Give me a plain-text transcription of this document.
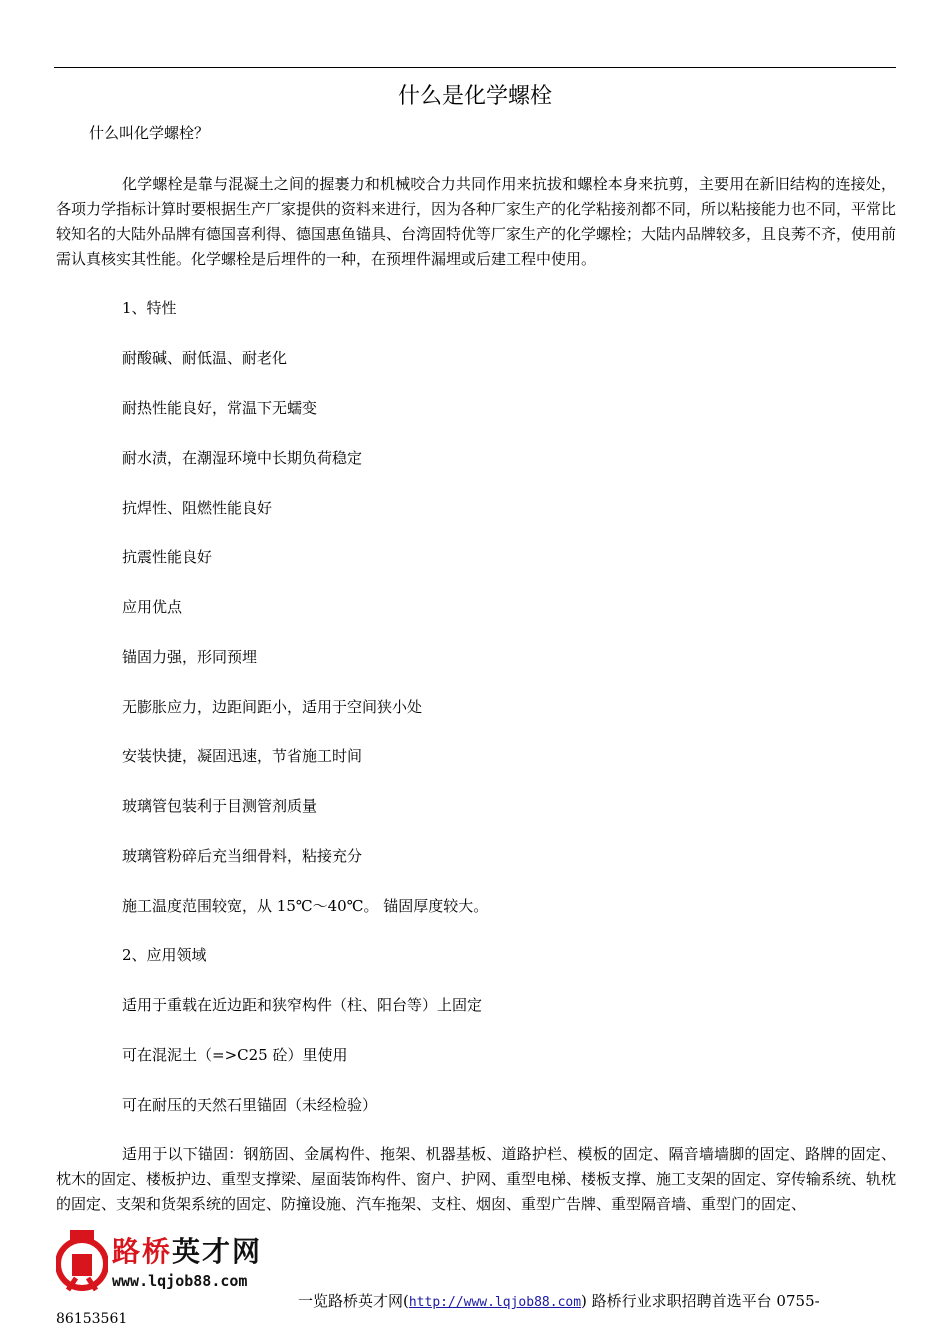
什么是化学螺栓
什么叫化学螺栓？

化学螺栓是靠与混凝土之间的握裹力和机械咬合力共同作用来抗拔和螺栓本身来抗剪，主要用在新旧结构的连接处，各项力学指标计算时要根据生产厂家提供的资料来进行，因为各种厂家生产的化学粘接剂都不同，所以粘接能力也不同，平常比较知名的大陆外品牌有德国喜利得、德国惠鱼锚具、台湾固特优等厂家生产的化学螺栓；大陆内品牌较多，且良莠不齐，使用前需认真核实其性能。化学螺栓是后埋件的一种，在预埋件漏埋或后建工程中使用。

1、特性
耐酸碱、耐低温、耐老化
耐热性能良好，常温下无蠕变
耐水渍，在潮湿环境中长期负荷稳定
抗焊性、阻燃性能良好
抗震性能良好
应用优点
锚固力强，形同预埋
无膨胀应力，边距间距小，适用于空间狭小处
安装快捷，凝固迅速，节省施工时间
玻璃管包装利于目测管剂质量
玻璃管粉碎后充当细骨料，粘接充分
施工温度范围较宽，从 15℃～40℃。 锚固厚度较大。
2、应用领域
适用于重载在近边距和狭窄构件（柱、阳台等）上固定
可在混泥土（=>C25 砼）里使用
可在耐压的天然石里锚固（未经检验）

适用于以下锚固：钢筋固、金属构件、拖架、机器基板、道路护栏、模板的固定、隔音墙墙脚的固定、路牌的固定、枕木的固定、楼板护边、重型支撑梁、屋面装饰构件、窗户、护网、重型电梯、楼板支撑、施工支架的固定、穿传输系统、轨枕的固定、支架和货架系统的固定、防撞设施、汽车拖架、支柱、烟囱、重型广告牌、重型隔音墙、重型门的固定、

路桥英才网
www.lqjob88.com
一览路桥英才网(http://www.lqjob88.com) 路桥行业求职招聘首选平台 0755-
86153561
